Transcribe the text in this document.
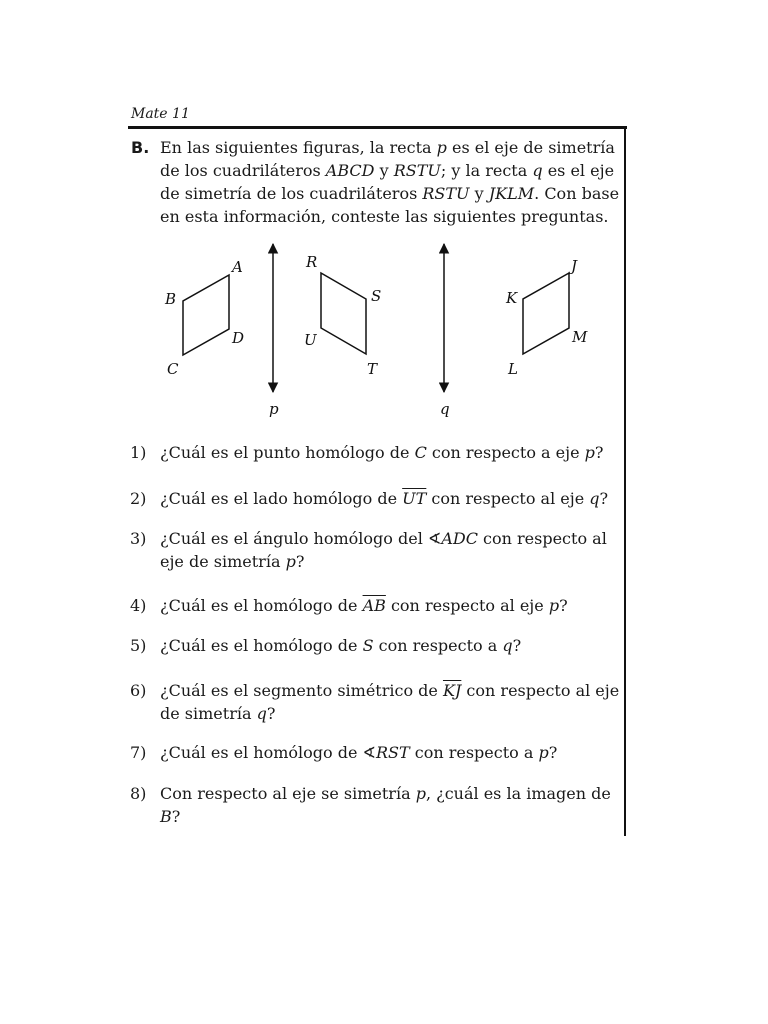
Mate 11
B. En las siguientes figuras, la recta p es el eje de simetría
de los cuadriláteros ABCD y RSTU; y la recta q es el eje
de simetría de los cuadriláteros RSTU y JKLM. Con base
en esta información, conteste las siguientes preguntas.
A
B
C
D
R
S
T
U
J
K
L
M
p	q
1) ¿Cuál es el punto homólogo de C con respecto a eje p?
2) ¿Cuál es el lado homólogo de $\overline{UT}$ con respecto al eje q?
3) ¿Cuál es el ángulo homólogo del ∢ADC con respecto al
eje de simetría p?
4) ¿Cuál es el homólogo de $\overline{AB}$ con respecto al eje p?
5) ¿Cuál es el homólogo de S con respecto a q?
6) ¿Cuál es el segmento simétrico de $\overline{KJ}$ con respecto al eje
de simetría q?
7) ¿Cuál es el homólogo de ∢RST con respecto a p?
8) Con respecto al eje se simetría p, ¿cuál es la imagen de
B?
